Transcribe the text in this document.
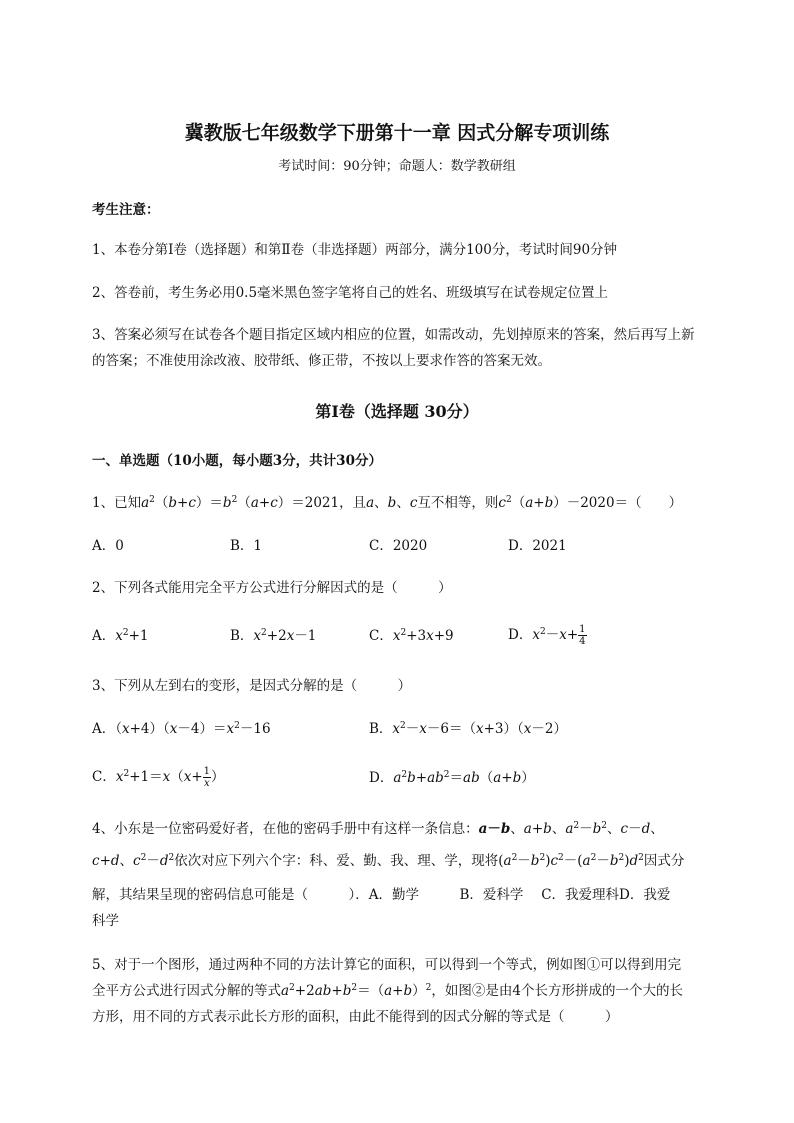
冀教版七年级数学下册第十一章 因式分解专项训练
考试时间：90分钟；命题人：数学教研组
考生注意：
1、本卷分第I卷（选择题）和第Ⅱ卷（非选择题）两部分，满分100分，考试时间90分钟
2、答卷前，考生务必用0.5毫米黑色签字笔将自己的姓名、班级填写在试卷规定位置上
3、答案必须写在试卷各个题目指定区域内相应的位置，如需改动，先划掉原来的答案，然后再写上新
的答案；不准使用涂改液、胶带纸、修正带，不按以上要求作答的答案无效。
第I卷（选择题 30分）
一、单选题（10小题，每小题3分，共计30分）
1、已知$a^2(b+c)=b^2(a+c)=2021$，且a、b、c互不相等，则$c^2(a+b)-2020=$（　　）
A．0	B．1	C．2020	D．2021
2、下列各式能用完全平方公式进行分解因式的是（　　　）
A．$x^2+1$	B．$x^2+2x-1$	C．$x^2+3x+9$	D．$x^2-x+ \frac{1}{4}$
3、下列从左到右的变形，是因式分解的是（　　　）
A．$(x+4)(x-4)=x^2-16$	B．$x^2-x-6=(x+3)(x-2)$
C．$x^2+1=x(x+ \frac{1}{x}$ ）	D．$a^2b+ab^2=ab(a+b)$
4、小东是一位密码爱好者，在他的密码手册中有这样一条信息：a－b、a+b、$a^2-b^2$、c－d、
c+d、$c^2-d^2$依次对应下列六个字：科、爱、勤、我、理、学，现将$(a^2-b^2)c^2-(a^2-b^2)d^2$因式分
解，其结果呈现的密码信息可能是（　　　）．A．勤学　　　B．爱科学　 C．我爱理科D．我爱
科学
5、对于一个图形，通过两种不同的方法计算它的面积，可以得到一个等式，例如图①可以得到用完
全平方公式进行因式分解的等式$a^2+2ab+b^2=(a+b)^2$，如图②是由4个长方形拼成的一个大的长
方形，用不同的方式表示此长方形的面积，由此不能得到的因式分解的等式是（　　　）
